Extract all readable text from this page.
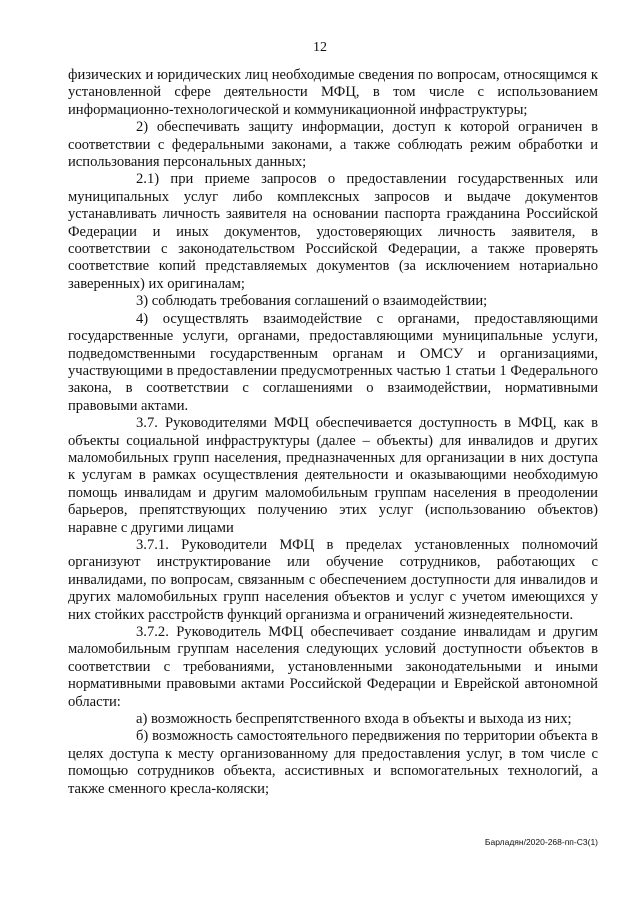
12

физических и юридических лиц необходимые сведения по вопросам, относящимся к установленной сфере деятельности МФЦ, в том числе с использованием информационно-технологической и коммуникационной инфраструктуры;

2) обеспечивать защиту информации, доступ к которой ограничен в соответствии с федеральными законами, а также соблюдать режим обработки и использования персональных данных;

2.1) при приеме запросов о предоставлении государственных или муниципальных услуг либо комплексных запросов и выдаче документов устанавливать личность заявителя на основании паспорта гражданина Российской Федерации и иных документов, удостоверяющих личность заявителя, в соответствии с законодательством Российской Федерации, а также проверять соответствие копий представляемых документов (за исключением нотариально заверенных) их оригиналам;

3) соблюдать требования соглашений о взаимодействии;

4) осуществлять взаимодействие с органами, предоставляющими государственные услуги, органами, предоставляющими муниципальные услуги, подведомственными государственным органам и ОМСУ и организациями, участвующими в предоставлении предусмотренных частью 1 статьи 1 Федерального закона, в соответствии с соглашениями о взаимодействии, нормативными правовыми актами.

3.7. Руководителями МФЦ обеспечивается доступность в МФЦ, как в объекты социальной инфраструктуры (далее – объекты) для инвалидов и других маломобильных групп населения, предназначенных для организации в них доступа к услугам в рамках осуществления деятельности и оказывающими необходимую помощь инвалидам и другим маломобильным группам населения в преодолении барьеров, препятствующих получению этих услуг (использованию объектов) наравне с другими лицами

3.7.1. Руководители МФЦ в пределах установленных полномочий организуют инструктирование или обучение сотрудников, работающих с инвалидами, по вопросам, связанным с обеспечением доступности для инвалидов и других маломобильных групп населения объектов и услуг с учетом имеющихся у них стойких расстройств функций организма и ограничений жизнедеятельности.

3.7.2. Руководитель МФЦ обеспечивает создание инвалидам и другим маломобильным группам населения следующих условий доступности объектов в соответствии с требованиями, установленными законодательными и иными нормативными правовыми актами Российской Федерации и Еврейской автономной области:

а) возможность беспрепятственного входа в объекты и выхода из них;

б) возможность самостоятельного передвижения по территории объекта в целях доступа к месту организованному для предоставления услуг, в том числе с помощью сотрудников объекта, ассистивных и вспомогательных технологий, а также сменного кресла-коляски;

Барладян/2020-268-пп-С3(1)
